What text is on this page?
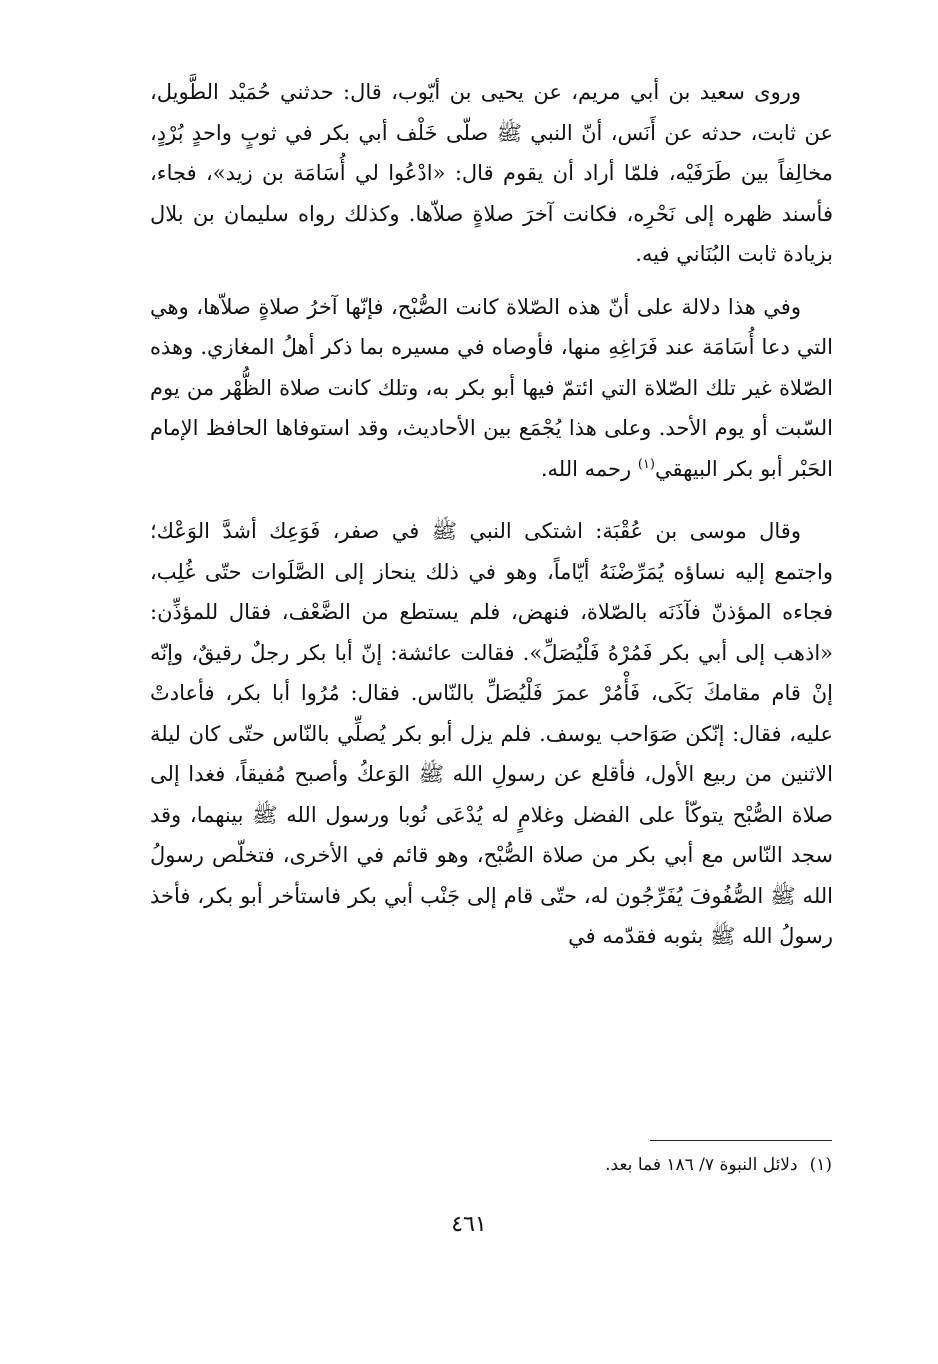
وروى سعيد بن أبي مريم، عن يحيى بن أيّوب، قال: حدثني حُمَيْد الطَّويل، عن ثابت، حدثه عن أَنَس، أنّ النبي ﷺ صلّى خَلْف أبي بكر في ثوبٍ واحدٍ بُرْدٍ، مخالِفاً بين طَرَفَيْه، فلمّا أراد أن يقوم قال: «ادْعُوا لي أُسَامَة بن زيد»، فجاء، فأسند ظهره إلى نَحْرِه، فكانت آخرَ صلاةٍ صلاّها. وكذلك رواه سليمان بن بلال بزيادة ثابت البُنَاني فيه.

وفي هذا دلالة على أنّ هذه الصّلاة كانت الصُّبْح، فإنّها آخرُ صلاةٍ صلاّها، وهي التي دعا أُسَامَة عند فَرَاغِهِ منها، فأوصاه في مسيره بما ذكر أهلُ المغازي. وهذه الصّلاة غير تلك الصّلاة التي ائتمّ فيها أبو بكر به، وتلك كانت صلاة الظُّهْر من يوم السّبت أو يوم الأحد. وعلى هذا يُجْمَع بين الأحاديث، وقد استوفاها الحافظ الإمام الحَبْر أبو بكر البيهقي$^{(١)}$ رحمه الله.

وقال موسى بن عُقْبَة: اشتكى النبي ﷺ في صفر، فَوَعِك أشدَّ الوَعْك؛ واجتمع إليه نساؤه يُمَرِّضْنَهُ أيّاماً، وهو في ذلك ينحاز إلى الصَّلَوات حتّى غُلِب، فجاءه المؤذنّ فآذَنَه بالصّلاة، فنهض، فلم يستطع من الضَّعْف، فقال للمؤذِّن: «اذهب إلى أبي بكر فَمُرْهُ فَلْيُصَلِّ». فقالت عائشة: إنّ أبا بكر رجلٌ رقيقٌ، وإنّه إنْ قام مقامكَ بَكَى، فَأْمُرْ عمرَ فَلْيُصَلِّ بالنّاس. فقال: مُرُوا أبا بكر، فأعادتْ عليه، فقال: إنّكن صَوَاحب يوسف. فلم يزل أبو بكر يُصلِّي بالنّاس حتّى كان ليلة الاثنين من ربيع الأول، فأقلع عن رسولِ الله ﷺ الوَعكُ وأصبح مُفيقاً، فغدا إلى صلاة الصُّبْح يتوكّأ على الفضل وغلامٍ له يُدْعَى نُوبا ورسول الله ﷺ بينهما، وقد سجد النّاس مع أبي بكر من صلاة الصُّبْح، وهو قائم في الأخرى، فتخلّص رسولُ الله ﷺ الصُّفُوفَ يُفَرِّجُون له، حتّى قام إلى جَنْب أبي بكر فاستأخر أبو بكر، فأخذ رسولُ الله ﷺ بثوبه فقدّمه في

(١)دلائل النبوة ٧/ ١٨٦ فما بعد.
٤٦١
